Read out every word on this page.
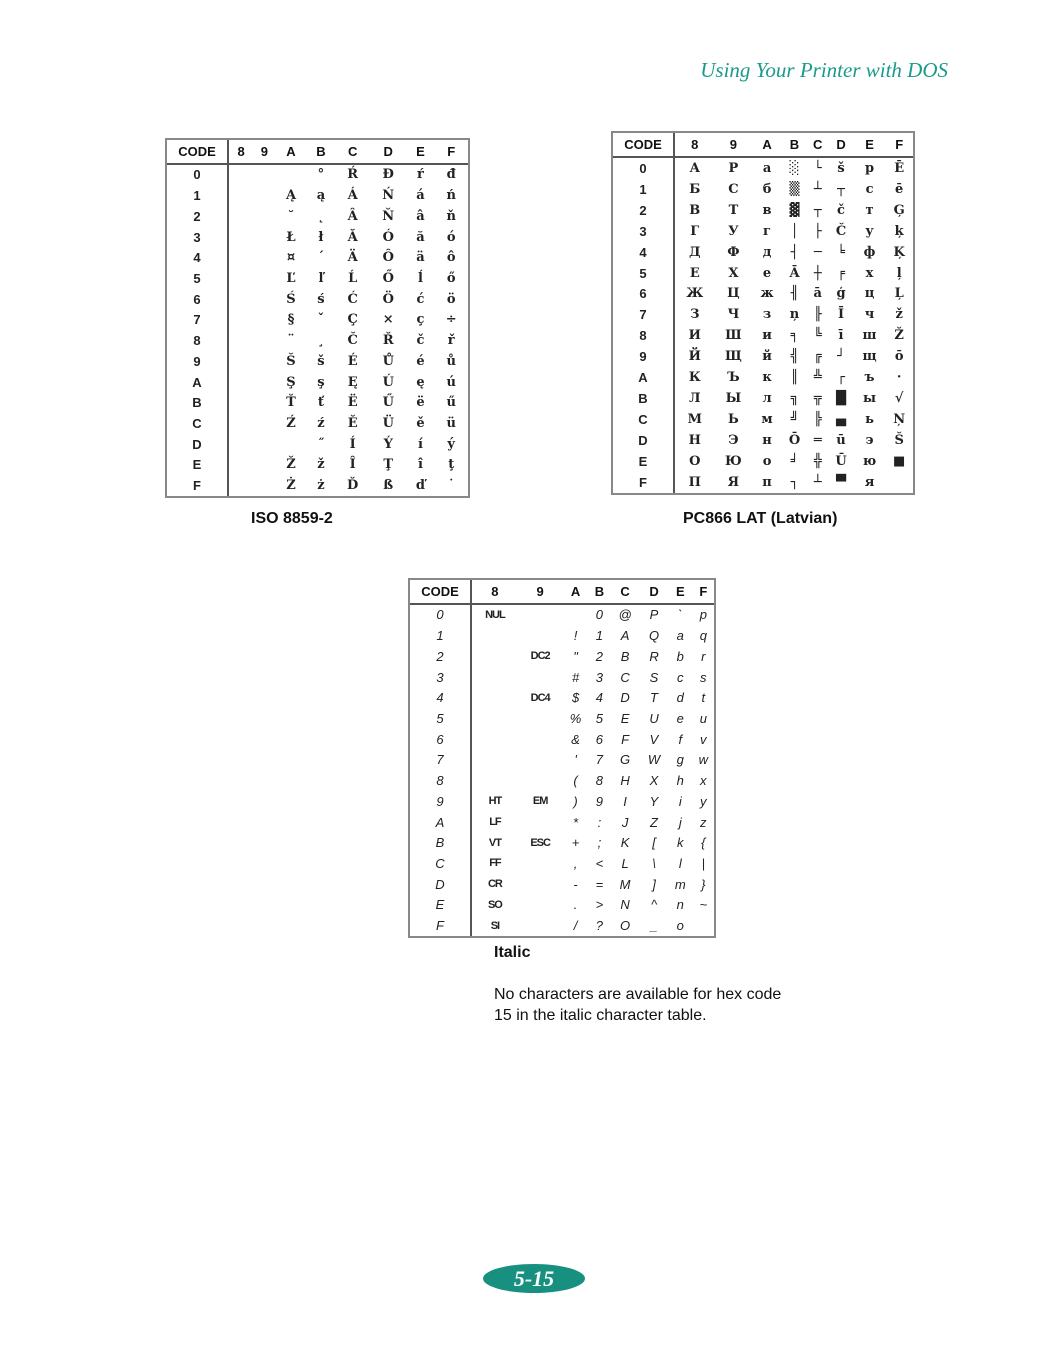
Using Your Printer with DOS
CODE	8	9	A	B	C	D	E	F
0				°	Ŕ	Đ	ŕ	đ
1			Ą	ą	Á	Ń	á	ń
2			˘	˛	Â	Ň	â	ň
3			Ł	ł	Ă	Ó	ă	ó
4			¤	´	Ä	Ô	ä	ô
5			Ľ	ľ	Ĺ	Ő	ĺ	ő
6			Ś	ś	Ć	Ö	ć	ö
7			§	ˇ	Ç	×	ç	÷
8			¨	¸	Č	Ř	č	ř
9			Š	š	É	Ů	é	ů
A			Ş	ş	Ę	Ú	ę	ú
B			Ť	ť	Ë	Ű	ë	ű
C			Ź	ź	Ě	Ü	ě	ü
D				˝	Í	Ý	í	ý
E			Ž	ž	Î	Ţ	î	ţ
F			Ż	ż	Ď	ß	ď	˙
ISO 8859-2
CODE	8	9	A	B	C	D	E	F
0	А	Р	а	░	└	š	р	Ē
1	Б	С	б	▒	┴	┬	с	ē
2	В	Т	в	▓	┬	č	т	Ģ
3	Г	У	г	│	├	Č	у	ķ
4	Д	Ф	д	┤	─	╘	ф	Ķ
5	Е	Х	е	Ā	┼	╒	х	ļ
6	Ж	Ц	ж	╢	ā	ģ	ц	Ļ
7	З	Ч	з	ņ	╟	Ī	ч	ž
8	И	Ш	и	╕	╚	ī	ш	Ž
9	Й	Щ	й	╣	╔	┘	щ	ō
A	К	Ъ	к	║	╩	┌	ъ	·
B	Л	Ы	л	╗	╦	█	ы	√
C	М	Ь	м	╝	╠	▄	ь	Ņ
D	Н	Э	н	Ō	═	ū	э	Š
E	О	Ю	о	╛	╬	Ū	ю	■
F	П	Я	п	┐	┴	▀	я	
PC866 LAT (Latvian)
CODE	8	9	A	B	C	D	E	F
0	NUL			0	@	P	`	p
1			!	1	A	Q	a	q
2		DC2	"	2	B	R	b	r
3			#	3	C	S	c	s
4		DC4	$	4	D	T	d	t
5			%	5	E	U	e	u
6			&	6	F	V	f	v
7			'	7	G	W	g	w
8			(	8	H	X	h	x
9	HT	EM	)	9	I	Y	i	y
A	LF		*	:	J	Z	j	z
B	VT	ESC	+	;	K	[	k	{
C	FF		,	<	L	\	l	|
D	CR		-	=	M	]	m	}
E	SO		.	>	N	^	n	~
F	SI		/	?	O	_	o	
Italic
No characters are available for hex code 15 in the italic character table.
5-15
